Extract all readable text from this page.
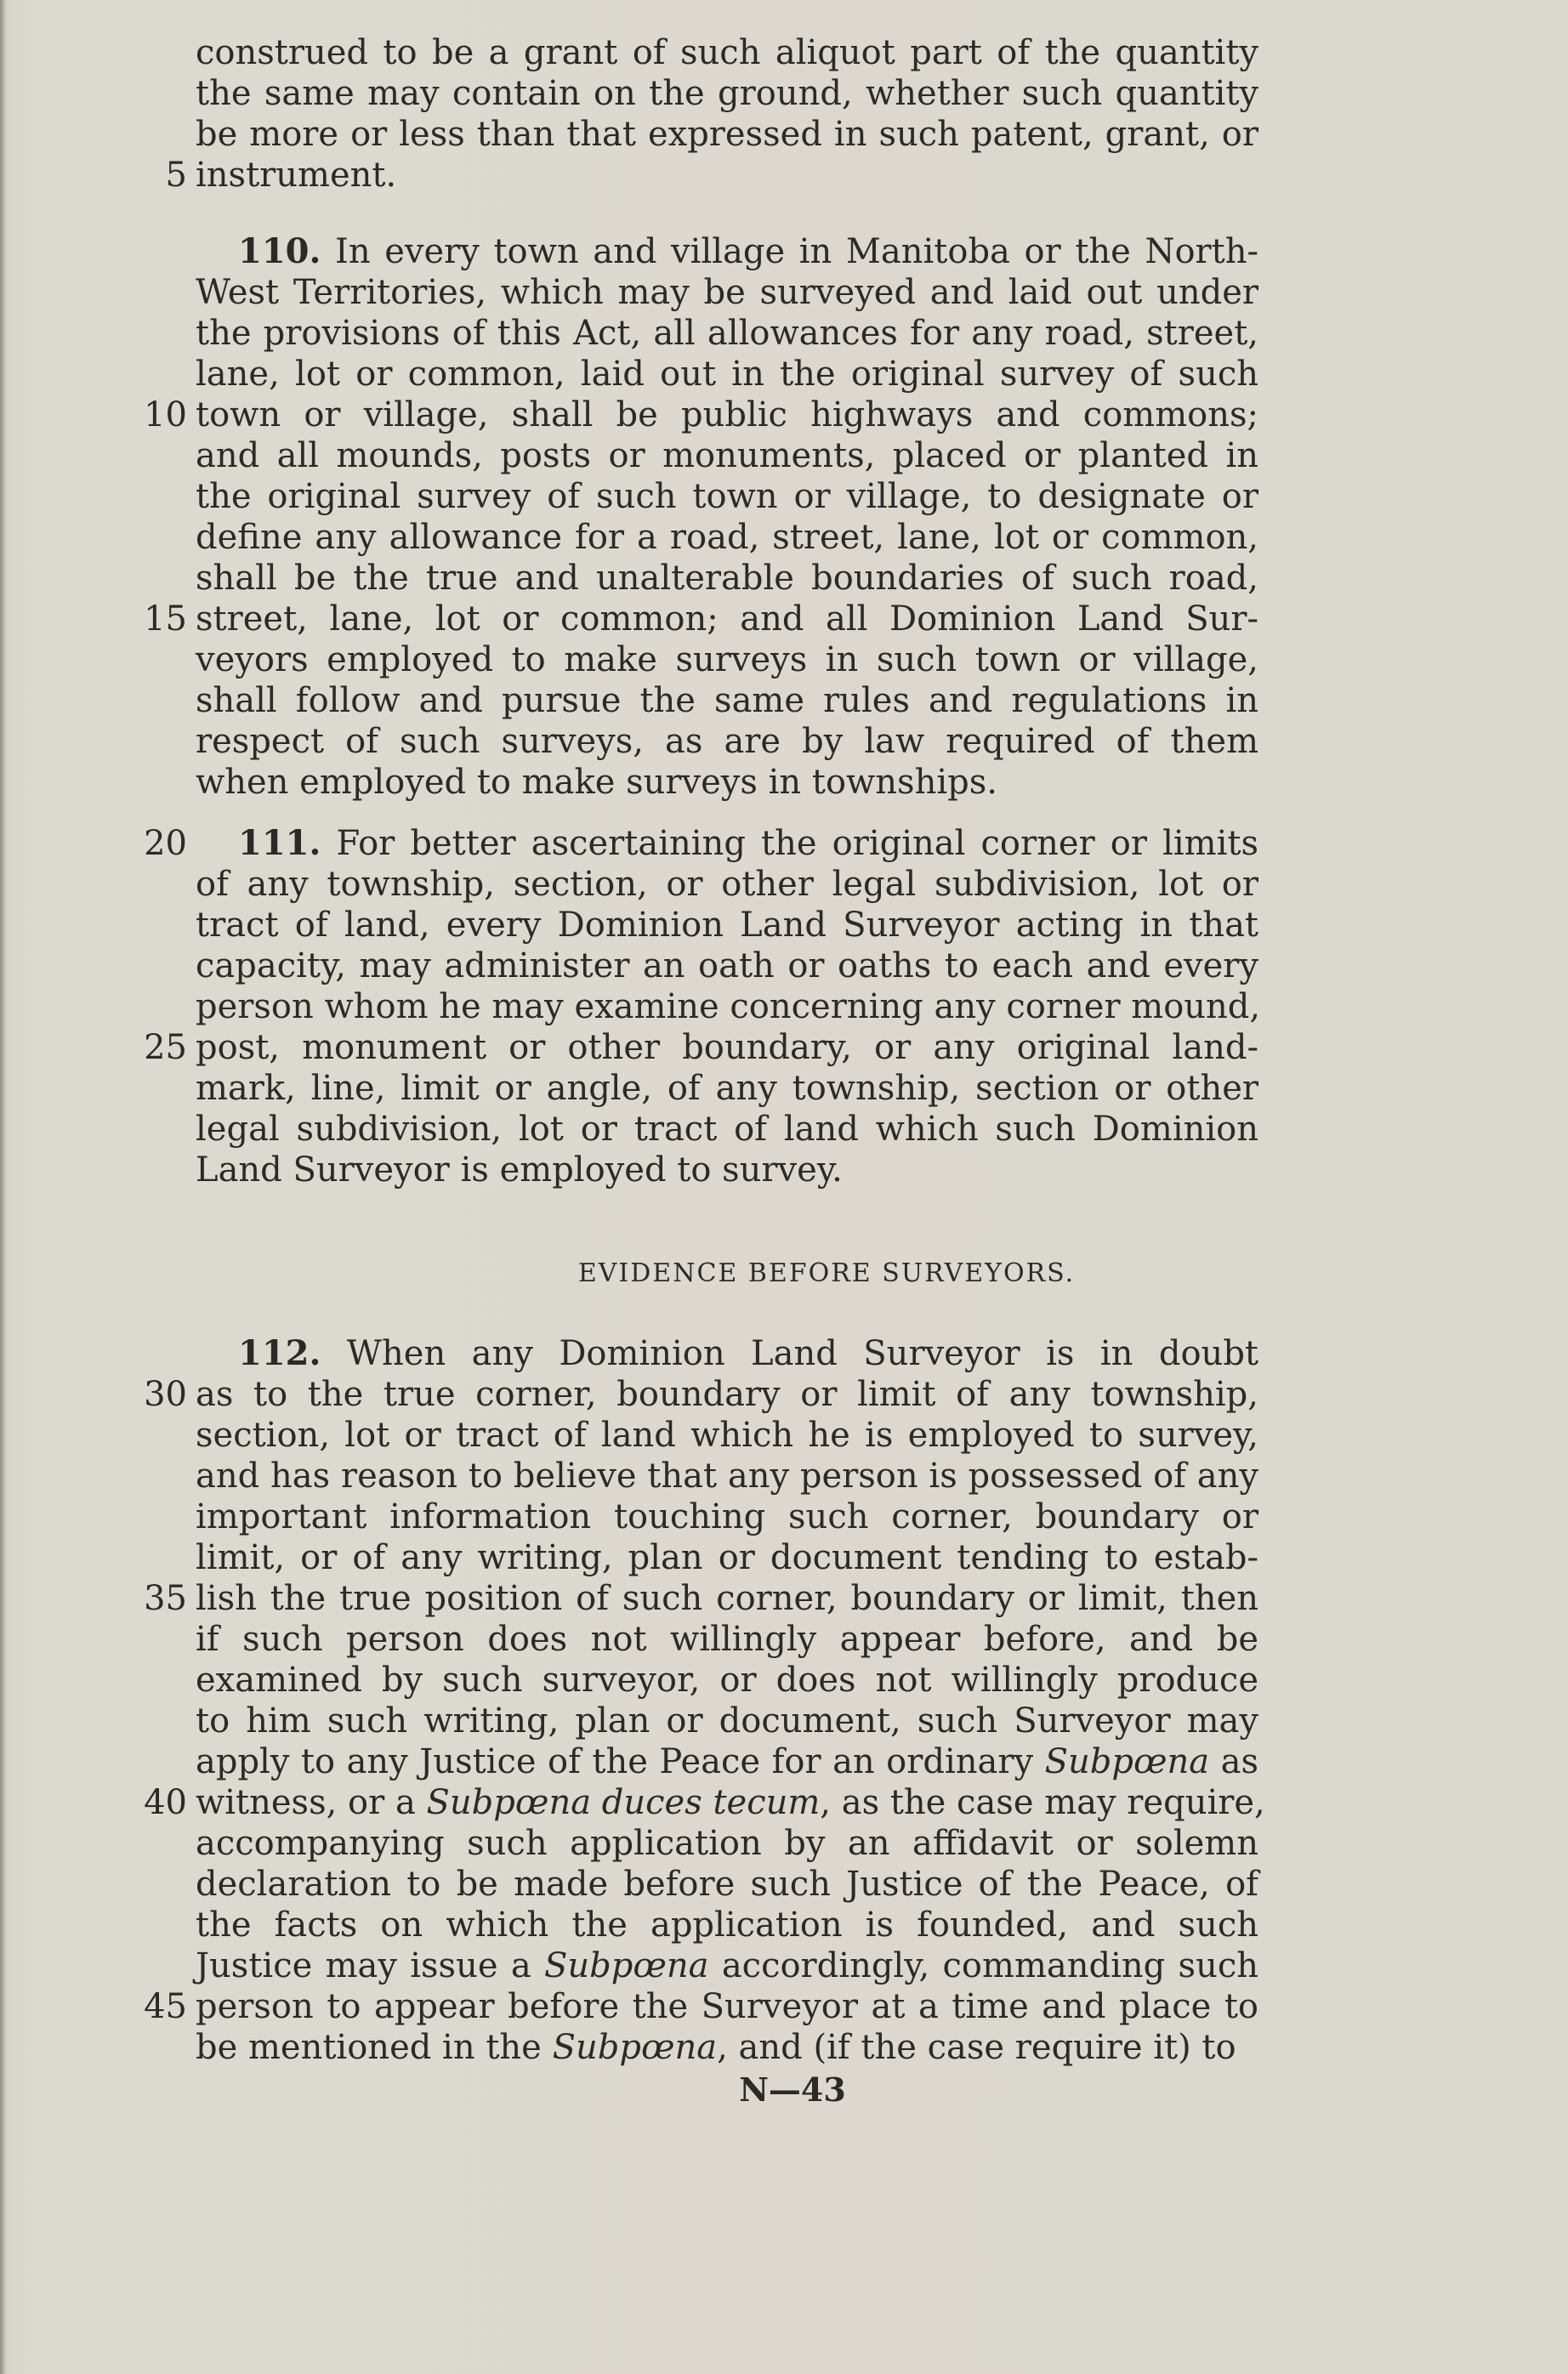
construed to be a grant of such aliquot part of the quantity
the same may contain on the ground, whether such quantity
be more or less than that expressed in such patent, grant, or
5 instrument.
110. In every town and village in Manitoba or the North-
West Territories, which may be surveyed and laid out under
the provisions of this Act, all allowances for any road, street,
lane, lot or common, laid out in the original survey of such
10 town or village, shall be public highways and commons;
and all mounds, posts or monuments, placed or planted in
the original survey of such town or village, to designate or
define any allowance for a road, street, lane, lot or common,
shall be the true and unalterable boundaries of such road,
15 street, lane, lot or common; and all Dominion Land Sur-
veyors employed to make surveys in such town or village,
shall follow and pursue the same rules and regulations in
respect of such surveys, as are by law required of them
when employed to make surveys in townships.
20 111. For better ascertaining the original corner or limits
of any township, section, or other legal subdivision, lot or
tract of land, every Dominion Land Surveyor acting in that
capacity, may administer an oath or oaths to each and every
person whom he may examine concerning any corner mound,
25 post, monument or other boundary, or any original land-
mark, line, limit or angle, of any township, section or other
legal subdivision, lot or tract of land which such Dominion
Land Surveyor is employed to survey.
112. When any Dominion Land Surveyor is in doubt
30 as to the true corner, boundary or limit of any township,
section, lot or tract of land which he is employed to survey,
and has reason to believe that any person is possessed of any
important information touching such corner, boundary or
limit, or of any writing, plan or document tending to estab-
35 lish the true position of such corner, boundary or limit, then
if such person does not willingly appear before, and be
examined by such surveyor, or does not willingly produce
to him such writing, plan or document, such Surveyor may
apply to any Justice of the Peace for an ordinary Subpœna as
40 witness, or a Subpœna duces tecum, as the case may require,
accompanying such application by an affidavit or solemn
declaration to be made before such Justice of the Peace, of
the facts on which the application is founded, and such
Justice may issue a Subpœna accordingly, commanding such
45 person to appear before the Surveyor at a time and place to
be mentioned in the Subpœna, and (if the case require it) to
EVIDENCE BEFORE SURVEYORS.
N—43
